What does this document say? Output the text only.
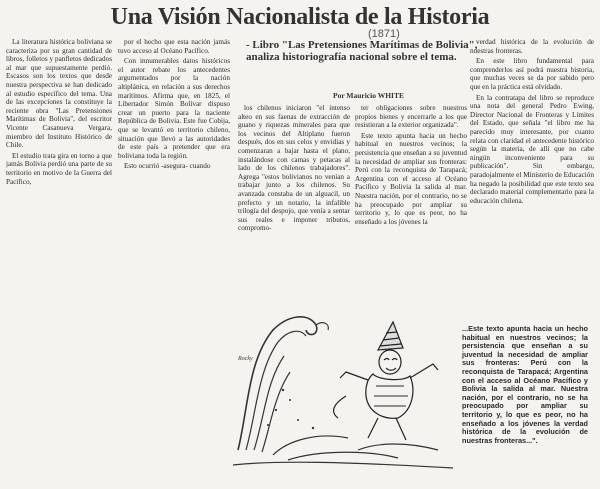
Una Visión Nacionalista de la Historia
(1871)

La literatura histórica boliviana se caracteriza por su gran cantidad de libros, folletos y panfletos dedicados al mar que supuestamente perdió. Escasos son los textos que desde nuestra perspectiva se han dedicado al estudio específico del tema. Una de las excepciones la constituye la reciente obra "Las Pretensiones Marítimas de Bolivia", del escritor Vicente Casanueva Vergara, miembro del Instituto Histórico de Chile.

El estudio trata gira en torno a que jamás Bolivia perdió una parte de su territorio en motivo de la Guerra del Pacífico,

por el hecho que esta nación jamás tuvo acceso al Océano Pacífico.

Con innumerables datos históricos el autor rebate los antecedentes argumentados por la nación altiplánica, en relación a sus derechos marítimos. Afirma que, en 1825, el Libertador Simón Bolívar dispuso crear un puerto para la naciente República de Bolivia. Este fue Cobija, que se levantó en territorio chileno, situación que llevó a las autoridades de este país a pretender que era boliviana toda la región.

Esto ocurrió -asegura- cuando

- Libro "Las Pretensiones Marítimas de Bolivia", analiza historiografía nacional sobre el tema.
Por Mauricio WHITE

los chilenos iniciaron "el intenso alteo en sus faenas de extracción de guano y riquezas minerales para que los vecinos del Altiplano fueron después, dos en sus celos y envidias y comenzaran a bajar hasta el plano, instalándose con camas y petacas al lado de los chilenos trabajadores". Agrega "estos bolivianos no venían a trabajar junto a los chilenos. Su avanzada constaba de un alguacil, un prefecto y un notario, la infalible trilogía del despojo, que venía a sentar sus reales e imponer tributos, compromo-

ter obligaciones sobre nuestros propios bienes y encerrarle a los que resistieran a la exterior organizada".

Este texto apunta hacia un hecho habitual en nuestros vecinos; la persistencia que enseñan a su juventud la necesidad de ampliar sus fronteras: Perú con la reconquista de Tarapacá; Argentina con el acceso al Océano Pacífico y Bolivia la salida al mar. Nuestra nación, por el contrario, no se ha preocupado por ampliar su territorio y, lo que es peor, no ha enseñado a los jóvenes la

verdad histórica de la evolución de nuestras fronteras.

En este libro fundamental para comprenderlos así podrá nuestra historia, que muchas veces se da por sabido pero que en la práctica está olvidado.

En la contratapa del libro se reproduce una nota del general Pedro Ewing, Director Nacional de Fronteras y Límites del Estado, que señala "el libro me ha parecido muy interesante, por cuanto relata con claridad el antecedente histórico según la materia, de allí que no cabe ningún inconveniente para su publicación". Sin embargo, paradojalmente el Ministerio de Educación ha negado la posibilidad que este texto sea declarado material complementario para la educación chilena.

Rocky
...Este texto apunta hacia un hecho habitual en nuestros vecinos; la persistencia que enseñan a su juventud la necesidad de ampliar sus fronteras: Perú con la reconquista de Tarapacá; Argentina con el acceso al Océano Pacífico y Bolivia la salida al mar. Nuestra nación, por el contrario, no se ha preocupado por ampliar su territorio y, lo que es peor, no ha enseñado a los jóvenes la verdad histórica de la evolución de nuestras fronteras...".
